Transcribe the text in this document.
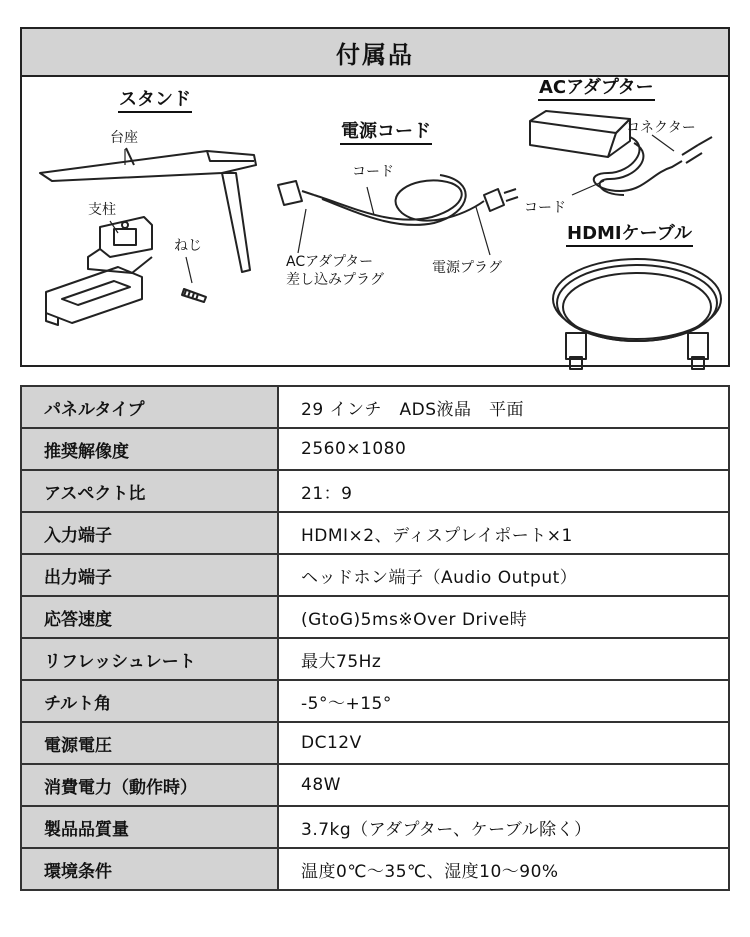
付属品
スタンド
台座
支柱
ねじ
電源コード
コード
ACアダプター
差し込みプラグ
電源プラグ
ACアダプター
コネクター
コード
HDMIケーブル
パネルタイプ	29 インチ　ADS液晶　平面
推奨解像度	2560×1080
アスペクト比	21：9
入力端子	HDMI×2、ディスプレイポート×1
出力端子	ヘッドホン端子（Audio Output）
応答速度	(GtoG)5ms※Over Drive時
リフレッシュレート	最大75Hz
チルト角	-5°～+15°
電源電圧	DC12V
消費電力（動作時）	48W
製品品質量	3.7kg（アダプター、ケーブル除く）
環境条件	温度0℃～35℃、湿度10～90%
